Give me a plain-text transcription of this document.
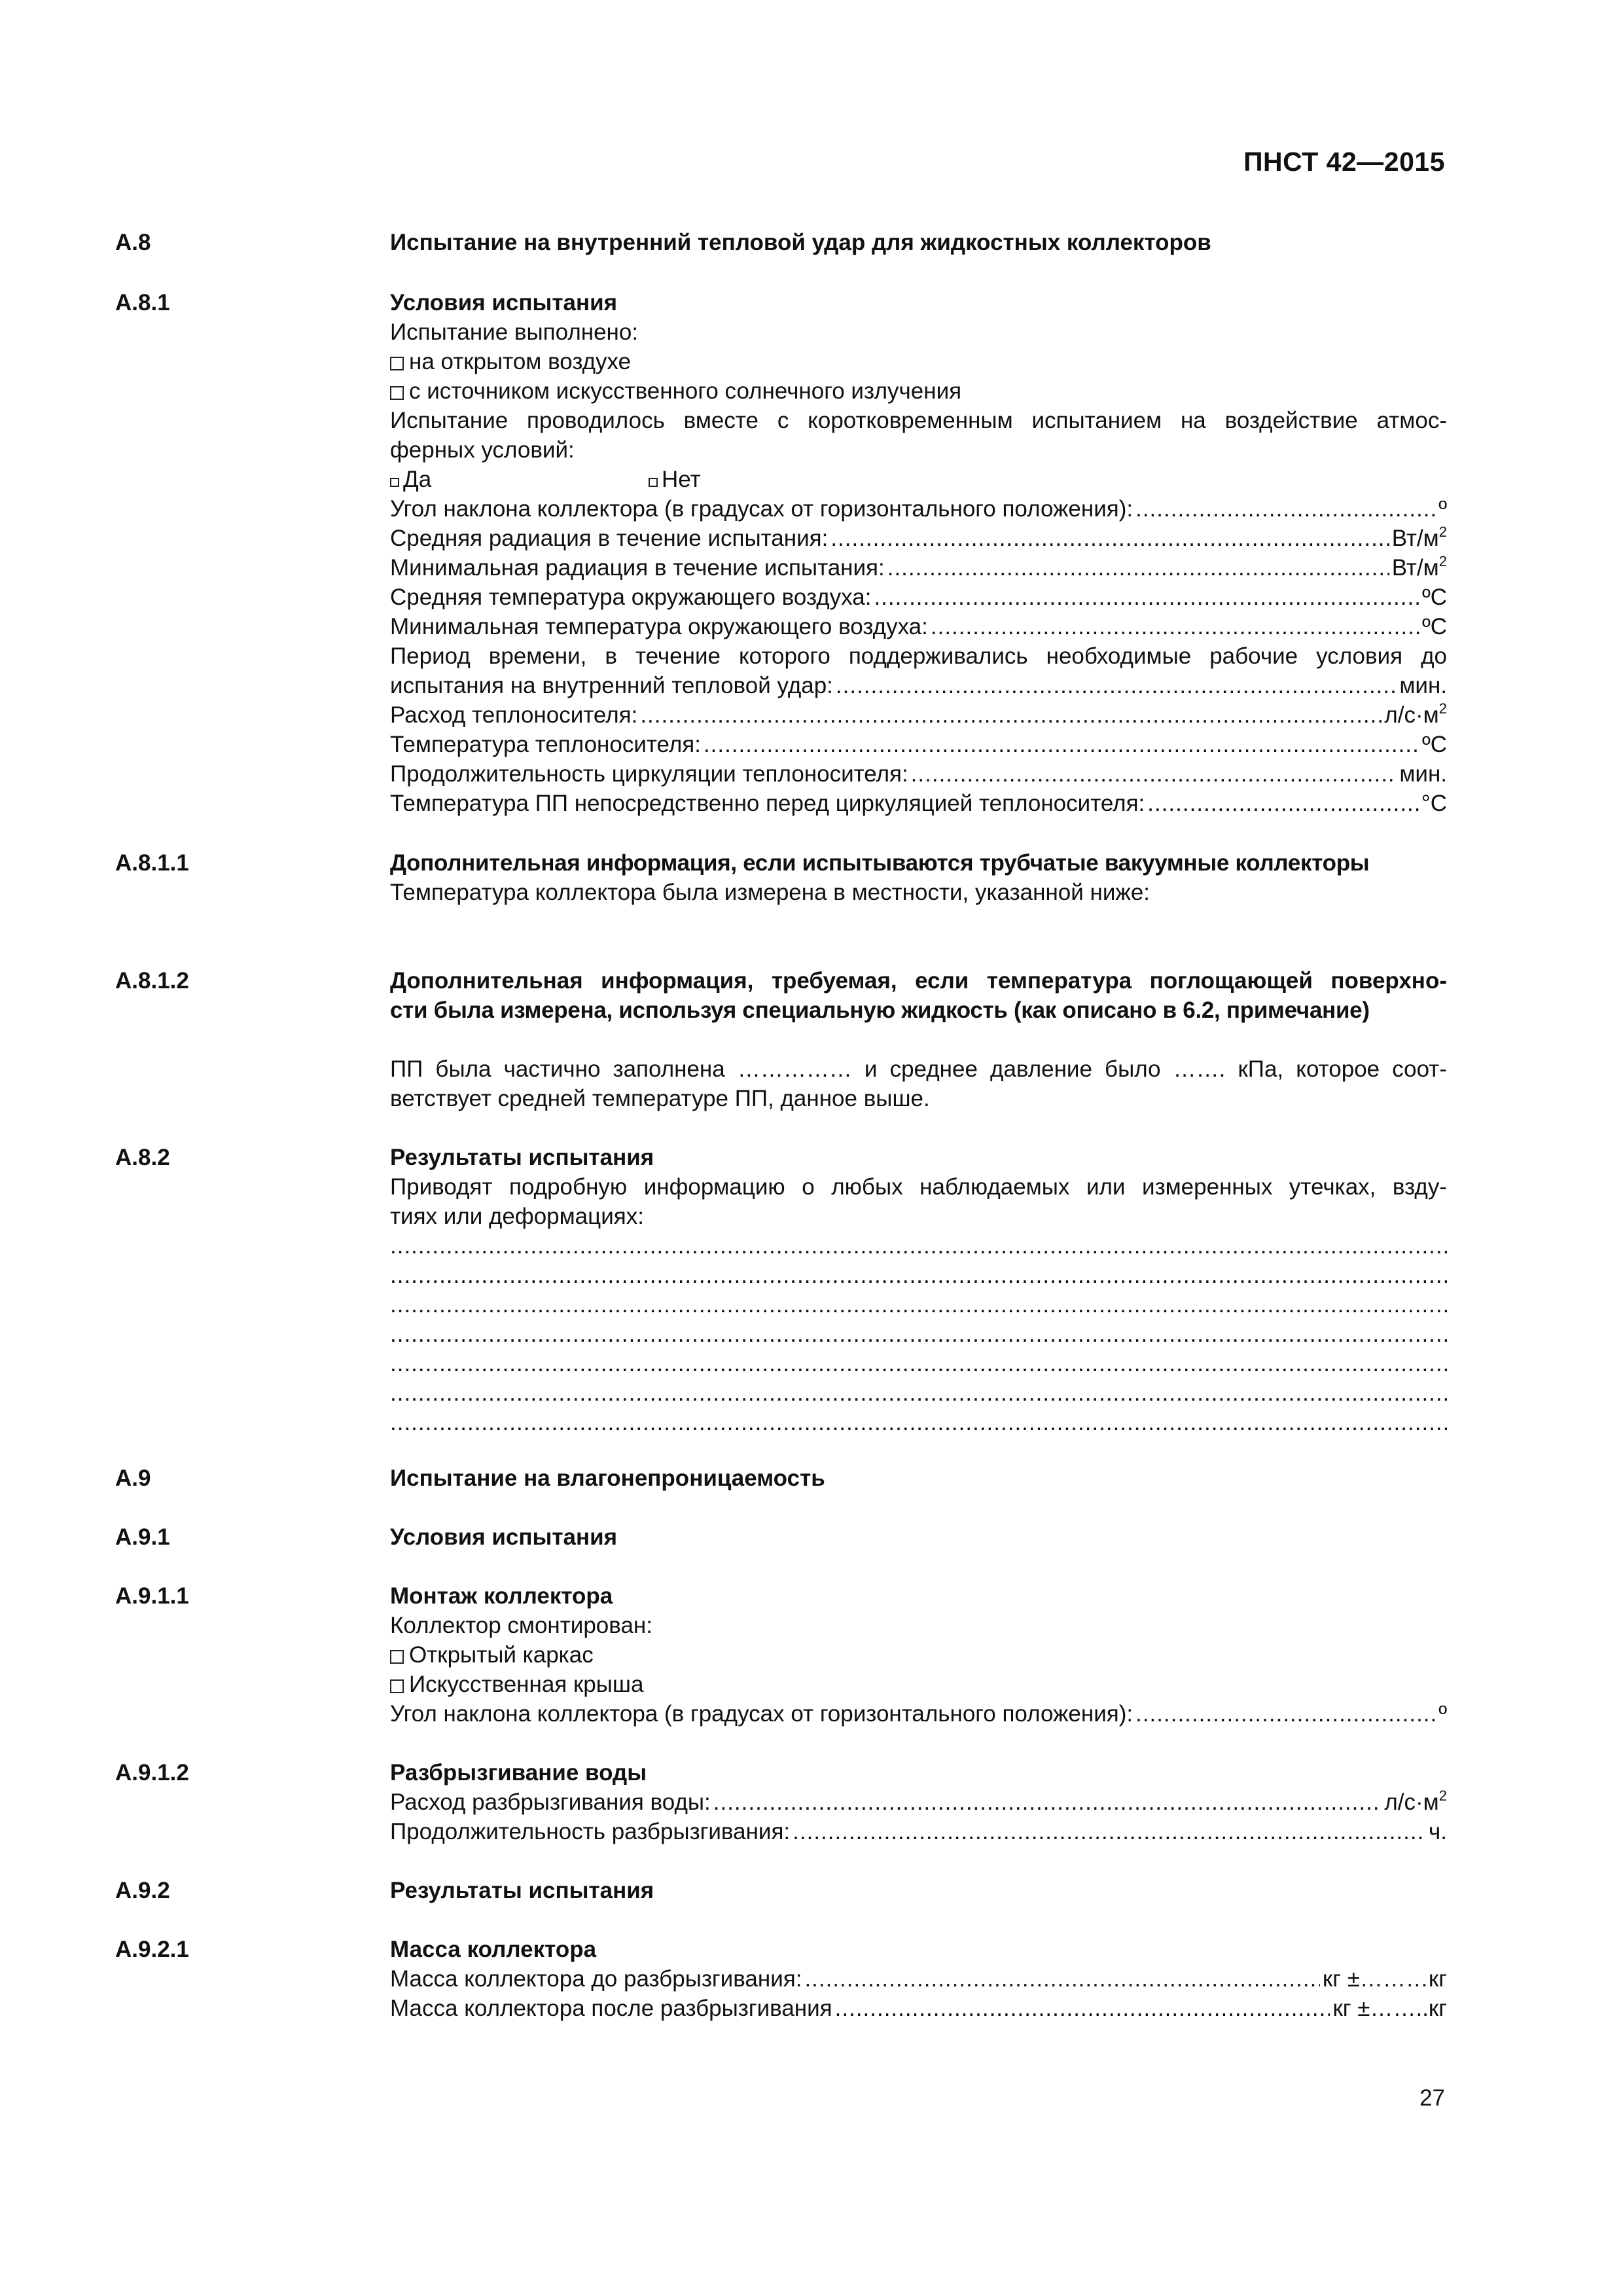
ПНСТ 42—2015
А.8	Испытание на внутренний тепловой удар для жидкостных коллекторов
А.8.1	Условия испытания
Испытание выполнено:
на открытом воздухе
с источником искусственного солнечного излучения
Испытание проводилось вместе с коротковременным испытанием на воздействие атмос-
ферных условий:
Да	Нет
Угол наклона коллектора (в градусах от горизонтального положения): .....	º
Средняя радиация в течение испытания: .....	$Вт/м^2$
Минимальная радиация в течение испытания: .....	$Вт/м^2$
Средняя температура окружающего воздуха: .....	ºС
Минимальная температура окружающего воздуха: .....	ºС
Период времени, в течение которого поддерживались необходимые рабочие условия до
испытания на внутренний тепловой удар: .....	мин.
Расход теплоносителя: .....	$л/с\cdot м^2$
Температура теплоносителя: .....	ºС
Продолжительность циркуляции теплоносителя: .....	мин.
Температура ПП непосредственно перед циркуляцией теплоносителя: .....	°С
А.8.1.1	Дополнительная информация, если испытываются трубчатые вакуумные коллекторы
Температура коллектора была измерена в местности, указанной ниже:
А.8.1.2	Дополнительная информация, требуемая, если температура поглощающей поверхно-
сти была измерена, используя специальную жидкость (как описано в 6.2, примечание)
ПП была частично заполнена …………… и среднее давление было ……. кПа, которое соот-
ветствует средней температуре ПП, данное выше.
А.8.2	Результаты испытания
Приводят подробную информацию о любых наблюдаемых или измеренных утечках, взду-
тиях или деформациях:
.....
.....
.....
.....
.....
.....
.....
А.9	Испытание на влагонепроницаемость
А.9.1	Условия испытания
А.9.1.1	Монтаж коллектора
Коллектор смонтирован:
Открытый каркас
Искусственная крыша
Угол наклона коллектора (в градусах от горизонтального положения): .....	º
А.9.1.2	Разбрызгивание воды
Расход разбрызгивания воды: .....	$л/с\cdot м^2$
Продолжительность разбрызгивания: .....	ч.
А.9.2	Результаты испытания
А.9.2.1	Масса коллектора
Масса коллектора до разбрызгивания: .....	кг ±………кг
Масса коллектора после разбрызгивания .....	кг ±……..кг
27
